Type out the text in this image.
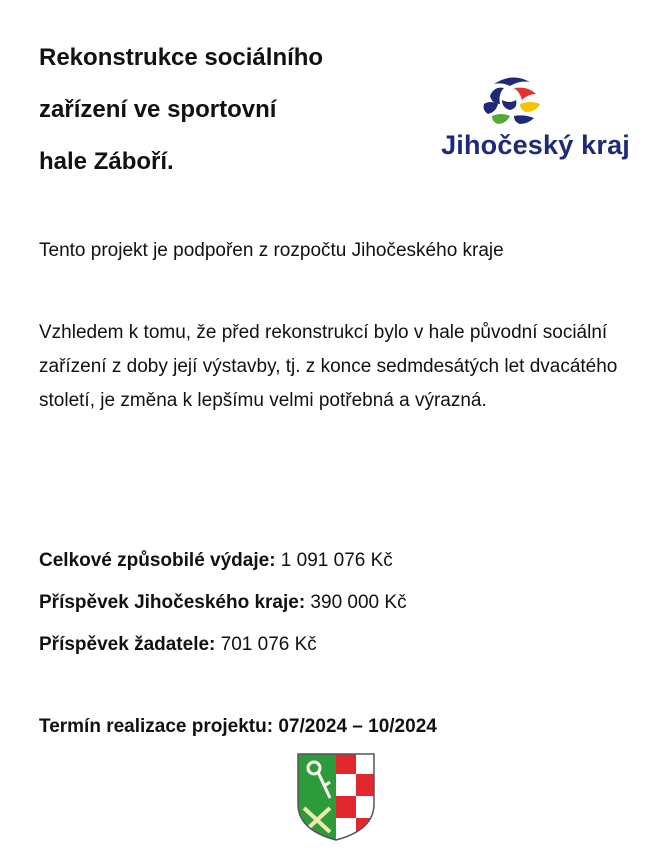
Rekonstrukce sociálního
zařízení ve sportovní
hale Záboří.
Jihočeský kraj

Tento projekt je podpořen z rozpočtu Jihočeského kraje

Vzhledem k tomu, že před rekonstrukcí bylo v hale původní sociální zařízení z doby její výstavby, tj. z konce sedmdesátých let dvacátého století, je změna k lepšímu velmi potřebná a výrazná.

Celkové způsobilé výdaje: 1 091 076 Kč
Příspěvek Jihočeského kraje: 390 000 Kč
Příspěvek žadatele: 701 076 Kč
Termín realizace projektu: 07/2024 – 10/2024
